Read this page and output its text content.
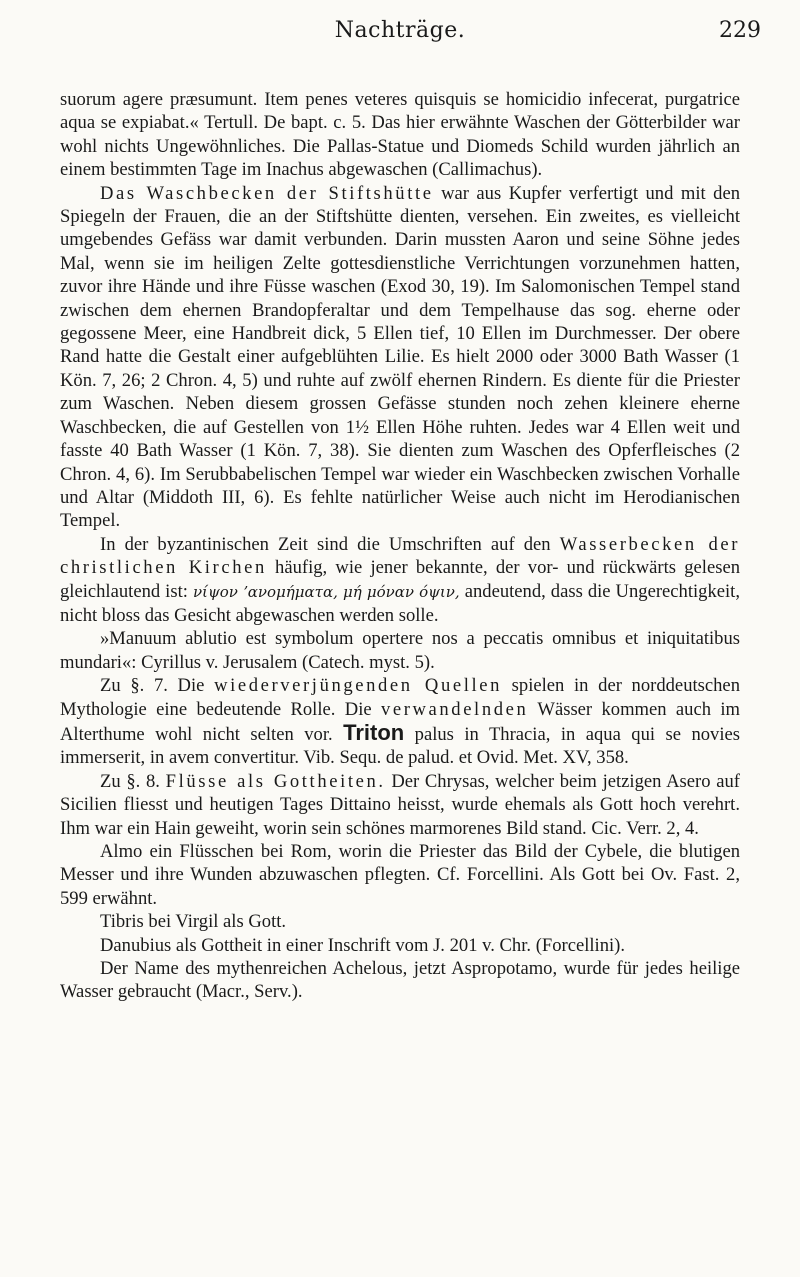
Nachträge.	229

suorum agere præsumunt. Item penes veteres quisquis se homicidio infecerat, purgatrice aqua se expiabat.« Tertull. De bapt. c. 5. Das hier erwähnte Waschen der Götterbilder war wohl nichts Ungewöhnliches. Die Pallas-Statue und Diomeds Schild wurden jährlich an einem bestimmten Tage im Inachus abgewaschen (Callimachus).

Das Waschbecken der Stiftshütte war aus Kupfer verfertigt und mit den Spiegeln der Frauen, die an der Stiftshütte dienten, versehen. Ein zweites, es vielleicht umgebendes Gefäss war damit verbunden. Darin mussten Aaron und seine Söhne jedes Mal, wenn sie im heiligen Zelte gottesdienstliche Verrichtungen vorzunehmen hatten, zuvor ihre Hände und ihre Füsse waschen (Exod 30, 19). Im Salomonischen Tempel stand zwischen dem ehernen Brandopferaltar und dem Tempelhause das sog. eherne oder gegossene Meer, eine Handbreit dick, 5 Ellen tief, 10 Ellen im Durchmesser. Der obere Rand hatte die Gestalt einer aufgeblühten Lilie. Es hielt 2000 oder 3000 Bath Wasser (1 Kön. 7, 26; 2 Chron. 4, 5) und ruhte auf zwölf ehernen Rindern. Es diente für die Priester zum Waschen. Neben diesem grossen Gefässe stunden noch zehen kleinere eherne Waschbecken, die auf Gestellen von 1½ Ellen Höhe ruhten. Jedes war 4 Ellen weit und fasste 40 Bath Wasser (1 Kön. 7, 38). Sie dienten zum Waschen des Opferfleisches (2 Chron. 4, 6). Im Serubbabelischen Tempel war wieder ein Waschbecken zwischen Vorhalle und Altar (Middoth III, 6). Es fehlte natürlicher Weise auch nicht im Herodianischen Tempel.

In der byzantinischen Zeit sind die Umschriften auf den Wasserbecken der christlichen Kirchen häufig, wie jener bekannte, der vor- und rückwärts gelesen gleichlautend ist: νίψον ʼανομήματα, μή μόναν όψιν, andeutend, dass die Ungerechtigkeit, nicht bloss das Gesicht abgewaschen werden solle.

»Manuum ablutio est symbolum opertere nos a peccatis omnibus et iniquitatibus mundari«: Cyrillus v. Jerusalem (Catech. myst. 5).

Zu §. 7. Die wiederverjüngenden Quellen spielen in der norddeutschen Mythologie eine bedeutende Rolle. Die verwandelnden Wässer kommen auch im Alterthume wohl nicht selten vor. Triton palus in Thracia, in aqua qui se novies immerserit, in avem convertitur. Vib. Sequ. de palud. et Ovid. Met. XV, 358.

Zu §. 8. Flüsse als Gottheiten. Der Chrysas, welcher beim jetzigen Asero auf Sicilien fliesst und heutigen Tages Dittaino heisst, wurde ehemals als Gott hoch verehrt. Ihm war ein Hain geweiht, worin sein schönes marmorenes Bild stand. Cic. Verr. 2, 4.

Almo ein Flüsschen bei Rom, worin die Priester das Bild der Cybele, die blutigen Messer und ihre Wunden abzuwaschen pflegten. Cf. Forcellini. Als Gott bei Ov. Fast. 2, 599 erwähnt.

Tibris bei Virgil als Gott.

Danubius als Gottheit in einer Inschrift vom J. 201 v. Chr. (Forcellini).

Der Name des mythenreichen Achelous, jetzt Aspropotamo, wurde für jedes heilige Wasser gebraucht (Macr., Serv.).
